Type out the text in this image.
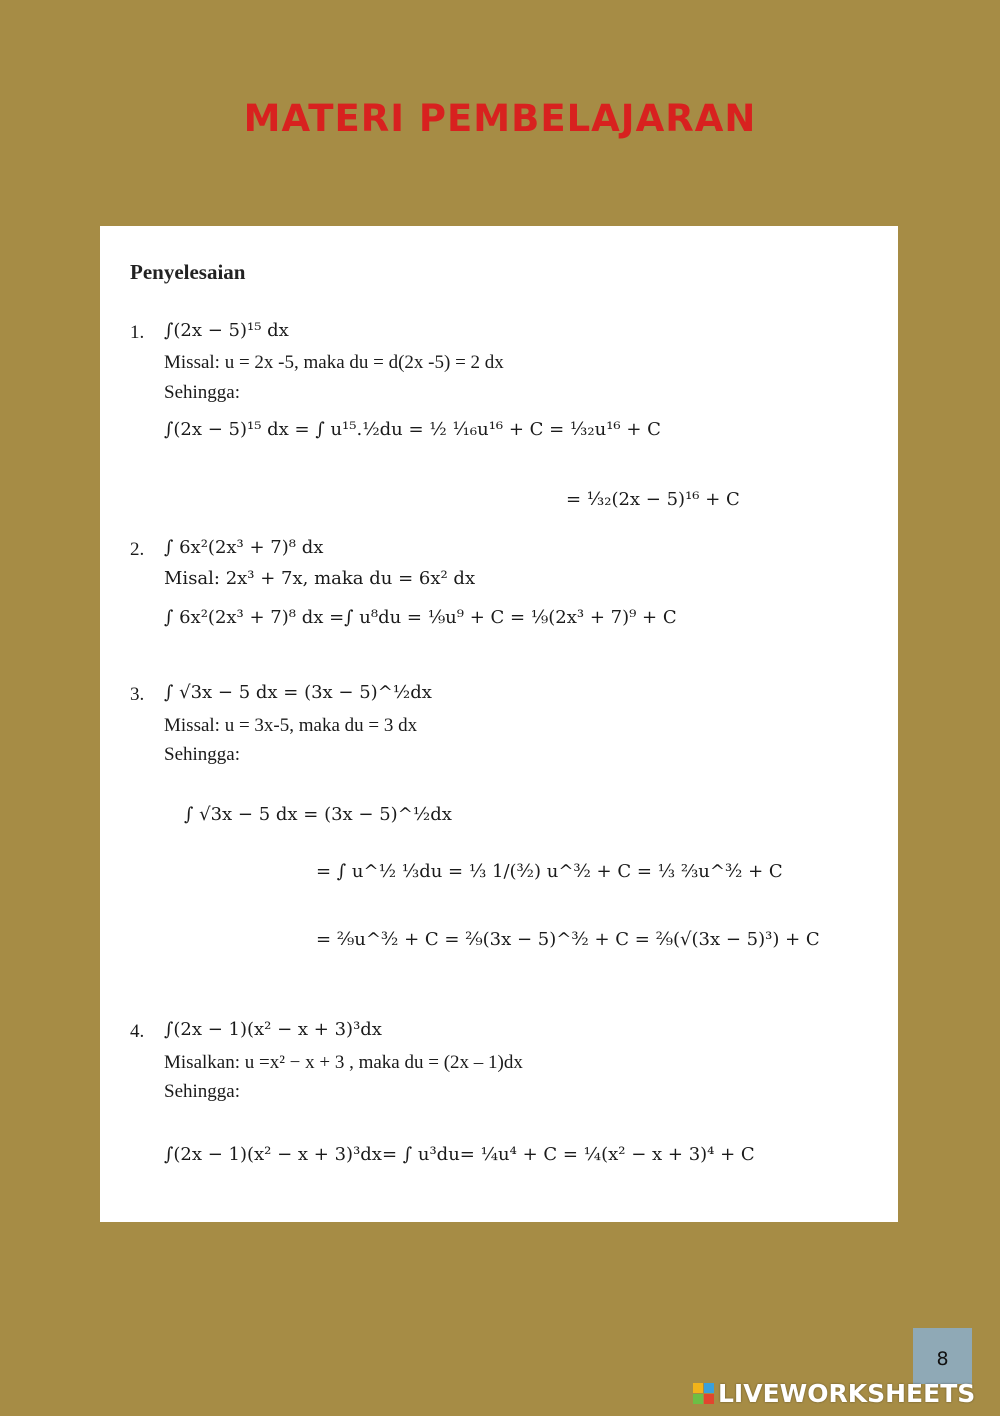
MATERI PEMBELAJARAN
Penyelesaian
1. ∫(2x − 5)¹⁵ dx
Missal: u = 2x -5, maka du = d(2x -5) = 2 dx
Sehingga:
∫(2x − 5)¹⁵ dx = ∫ u¹⁵.½du = ½ ¹⁄₁₆u¹⁶ + C = ¹⁄₃₂u¹⁶ + C
= ¹⁄₃₂(2x − 5)¹⁶ + C
2. ∫ 6x²(2x³ + 7)⁸ dx
Misal: 2x³ + 7x, maka du = 6x² dx
∫ 6x²(2x³ + 7)⁸ dx =∫ u⁸du = ⅑u⁹ + C = ⅑(2x³ + 7)⁹ + C
3. ∫ √3x − 5 dx = (3x − 5)^½dx
Missal: u = 3x-5, maka du = 3 dx
Sehingga:
∫ √3x − 5 dx = (3x − 5)^½dx
= ∫ u^½ ⅓du = ⅓ 1/(³⁄₂) u^³⁄₂ + C = ⅓ ⅔u^³⁄₂ + C
= ²⁄₉u^³⁄₂ + C = ²⁄₉(3x − 5)^³⁄₂ + C = ²⁄₉(√(3x − 5)³) + C
4. ∫(2x − 1)(x² − x + 3)³dx
Misalkan: u =x² − x + 3 , maka du = (2x – 1)dx
Sehingga:
∫(2x − 1)(x² − x + 3)³dx= ∫ u³du= ¼u⁴ + C = ¼(x² − x + 3)⁴ + C
8
LIVEWORKSHEETS
